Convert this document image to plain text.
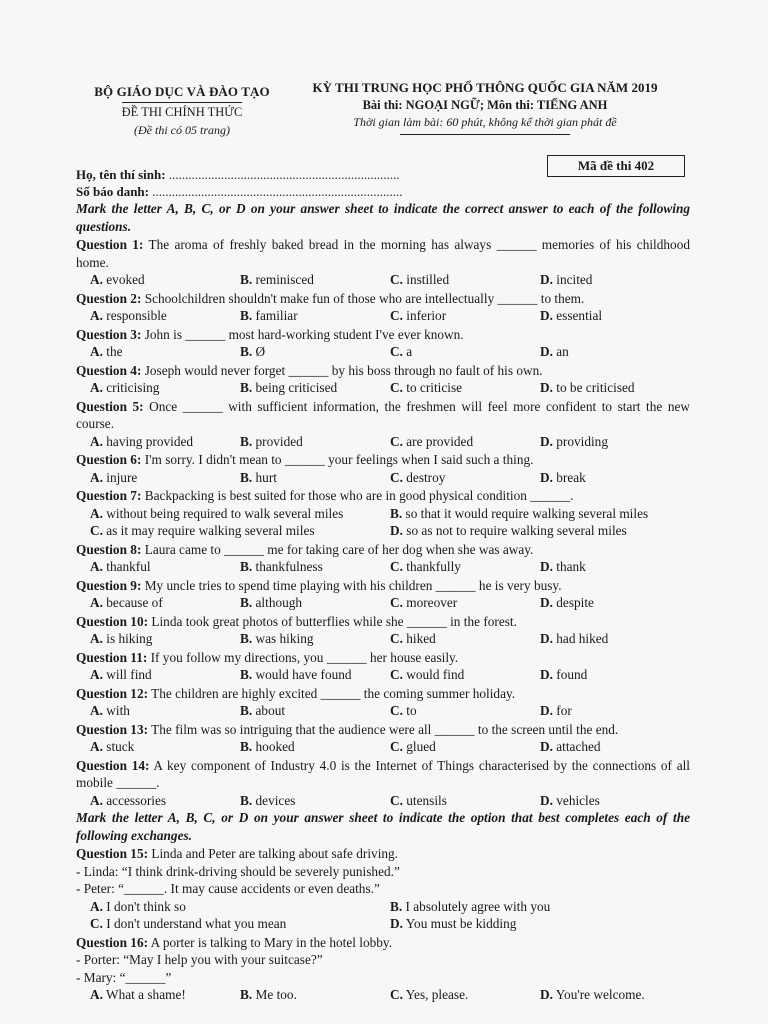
BỘ GIÁO DỤC VÀ ĐÀO TẠO
ĐỀ THI CHÍNH THỨC
(Đề thi có 05 trang)
KỲ THI TRUNG HỌC PHỔ THÔNG QUỐC GIA NĂM 2019
Bài thi: NGOẠI NGỮ; Môn thi: TIẾNG ANH
Thời gian làm bài: 60 phút, không kể thời gian phát đề
Họ, tên thí sinh: .......................................................................
Số báo danh: .............................................................................
Mã đề thi 402
Mark the letter A, B, C, or D on your answer sheet to indicate the correct answer to each of the following questions.
Question 1: The aroma of freshly baked bread in the morning has always ______ memories of his childhood home.
A. evoked	B. reminisced	C. instilled	D. incited
Question 2: Schoolchildren shouldn't make fun of those who are intellectually ______ to them.
A. responsible	B. familiar	C. inferior	D. essential
Question 3: John is ______ most hard-working student I've ever known.
A. the	B. Ø	C. a	D. an
Question 4: Joseph would never forget ______ by his boss through no fault of his own.
A. criticising	B. being criticised	C. to criticise	D. to be criticised
Question 5: Once ______ with sufficient information, the freshmen will feel more confident to start the new course.
A. having provided	B. provided	C. are provided	D. providing
Question 6: I'm sorry. I didn't mean to ______ your feelings when I said such a thing.
A. injure	B. hurt	C. destroy	D. break
Question 7: Backpacking is best suited for those who are in good physical condition ______.
A. without being required to walk several miles	B. so that it would require walking several miles
C. as it may require walking several miles	D. so as not to require walking several miles
Question 8: Laura came to ______ me for taking care of her dog when she was away.
A. thankful	B. thankfulness	C. thankfully	D. thank
Question 9: My uncle tries to spend time playing with his children ______ he is very busy.
A. because of	B. although	C. moreover	D. despite
Question 10: Linda took great photos of butterflies while she ______ in the forest.
A. is hiking	B. was hiking	C. hiked	D. had hiked
Question 11: If you follow my directions, you ______ her house easily.
A. will find	B. would have found	C. would find	D. found
Question 12: The children are highly excited ______ the coming summer holiday.
A. with	B. about	C. to	D. for
Question 13: The film was so intriguing that the audience were all ______ to the screen until the end.
A. stuck	B. hooked	C. glued	D. attached
Question 14: A key component of Industry 4.0 is the Internet of Things characterised by the connections of all mobile ______.
A. accessories	B. devices	C. utensils	D. vehicles
Mark the letter A, B, C, or D on your answer sheet to indicate the option that best completes each of the following exchanges.
Question 15: Linda and Peter are talking about safe driving.
- Linda: “I think drink-driving should be severely punished.”
- Peter: “______. It may cause accidents or even deaths.”
A. I don't think so	B. I absolutely agree with you
C. I don't understand what you mean	D. You must be kidding
Question 16: A porter is talking to Mary in the hotel lobby.
- Porter: “May I help you with your suitcase?”
- Mary: “______”
A. What a shame!	B. Me too.	C. Yes, please.	D. You're welcome.
